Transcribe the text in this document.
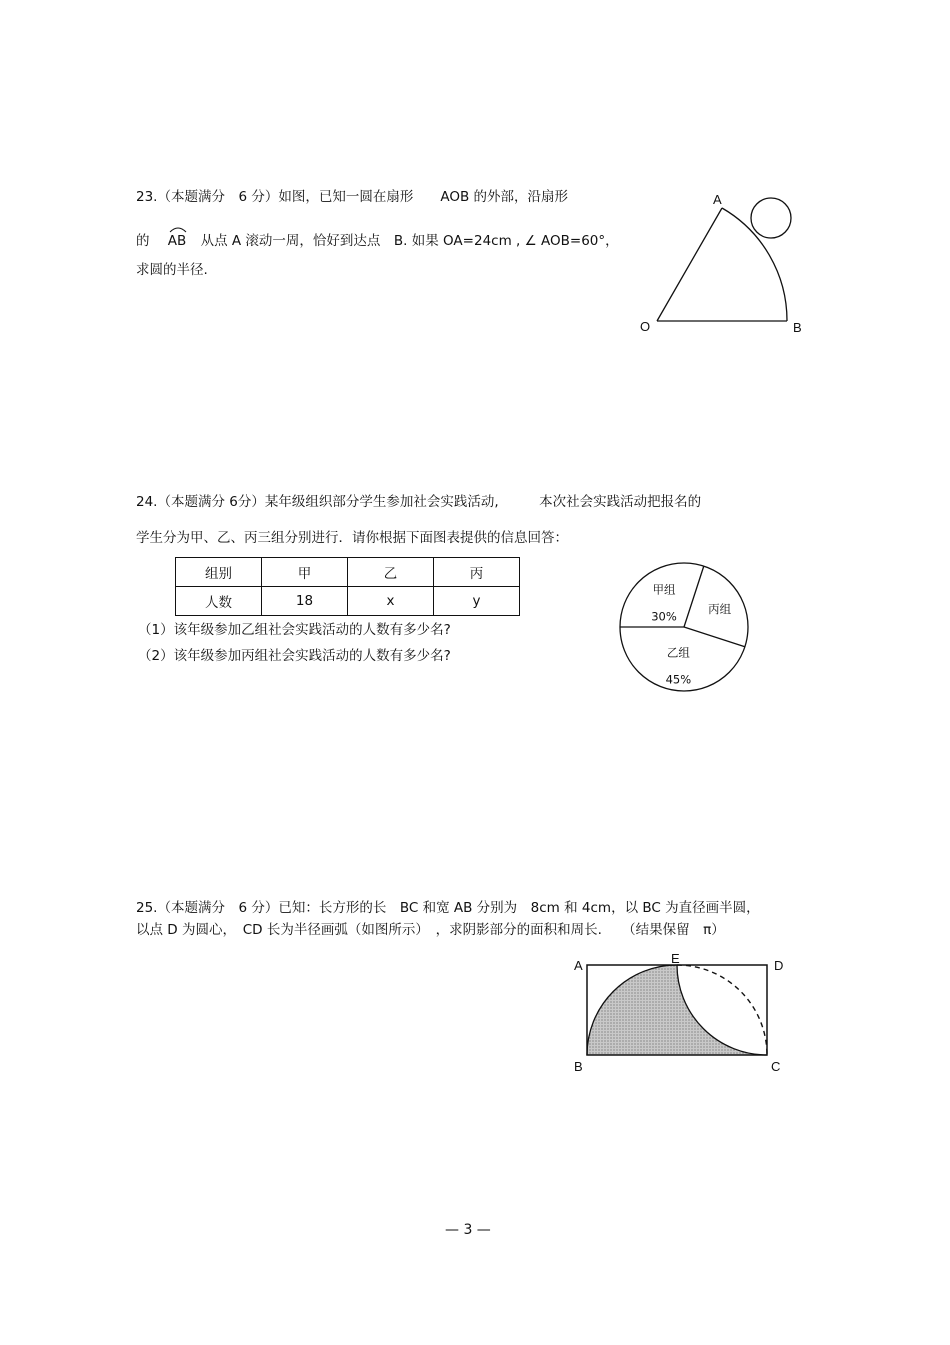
23.（本题满分　6 分）如图，已知一圆在扇形　　AOB 的外部，沿扇形
的 AB 从点 A 滚动一周，恰好到达点　B. 如果 OA=24cm , ∠ AOB=60°，
求圆的半径.
A
O	B
24.（本题满分 6分）某年级组织部分学生参加社会实践活动,　　　本次社会实践活动把报名的
学生分为甲、乙、丙三组分别进行．请你根据下面图表提供的信息回答：
组别	甲	乙	丙
人数	18	x	y
（1）该年级参加乙组社会实践活动的人数有多少名?
（2）该年级参加丙组社会实践活动的人数有多少名?
甲组
30%
丙组
乙组
45%
25.（本题满分　6 分）已知：长方形的长　BC 和宽 AB 分别为　8cm 和 4cm，以 BC 为直径画半圆，
以点 D 为圆心，　CD 长为半径画弧（如图所示）　，求阴影部分的面积和周长.　　（结果保留　π）
A	E	D
B	C
— 3 —
